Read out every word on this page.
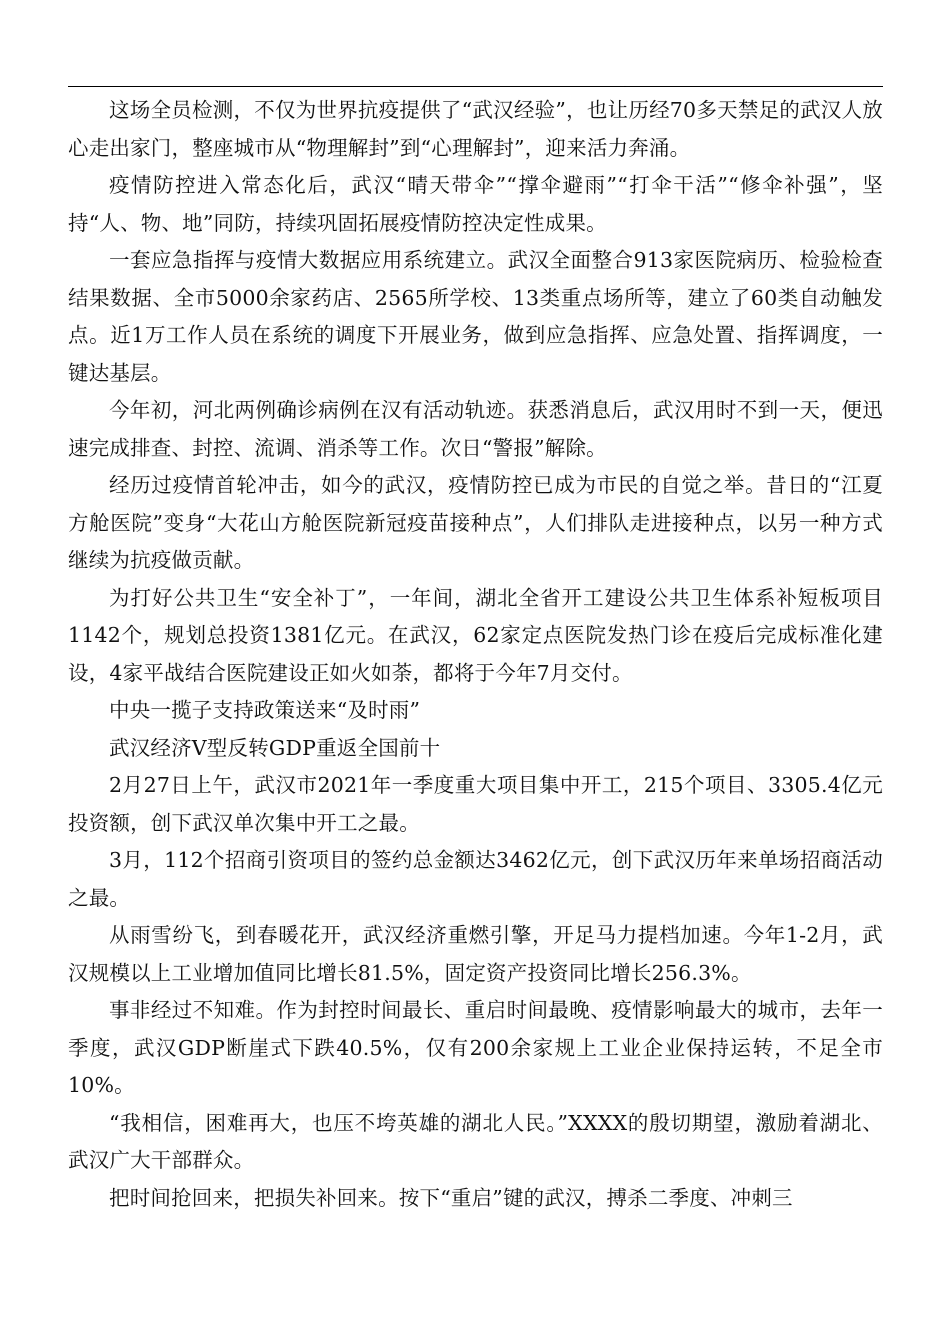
这场全员检测，不仅为世界抗疫提供了“武汉经验”，也让历经70多天禁足的武汉人放心走出家门，整座城市从“物理解封”到“心理解封”，迎来活力奔涌。

疫情防控进入常态化后，武汉“晴天带伞”“撑伞避雨”“打伞干活”“修伞补强”，坚持“人、物、地”同防，持续巩固拓展疫情防控决定性成果。

一套应急指挥与疫情大数据应用系统建立。武汉全面整合913家医院病历、检验检查结果数据、全市5000余家药店、2565所学校、13类重点场所等，建立了60类自动触发点。近1万工作人员在系统的调度下开展业务，做到应急指挥、应急处置、指挥调度，一键达基层。

今年初，河北两例确诊病例在汉有活动轨迹。获悉消息后，武汉用时不到一天，便迅速完成排查、封控、流调、消杀等工作。次日“警报”解除。

经历过疫情首轮冲击，如今的武汉，疫情防控已成为市民的自觉之举。昔日的“江夏方舱医院”变身“大花山方舱医院新冠疫苗接种点”，人们排队走进接种点，以另一种方式继续为抗疫做贡献。

为打好公共卫生“安全补丁”，一年间，湖北全省开工建设公共卫生体系补短板项目1142个，规划总投资1381亿元。在武汉，62家定点医院发热门诊在疫后完成标准化建设，4家平战结合医院建设正如火如荼，都将于今年7月交付。

中央一揽子支持政策送来“及时雨”

武汉经济V型反转GDP重返全国前十

2月27日上午，武汉市2021年一季度重大项目集中开工，215个项目、3305.4亿元投资额，创下武汉单次集中开工之最。

3月，112个招商引资项目的签约总金额达3462亿元，创下武汉历年来单场招商活动之最。

从雨雪纷飞，到春暖花开，武汉经济重燃引擎，开足马力提档加速。今年1-2月，武汉规模以上工业增加值同比增长81.5%，固定资产投资同比增长256.3%。

事非经过不知难。作为封控时间最长、重启时间最晚、疫情影响最大的城市，去年一季度，武汉GDP断崖式下跌40.5%，仅有200余家规上工业企业保持运转，不足全市10%。

“我相信，困难再大，也压不垮英雄的湖北人民。”XXXX的殷切期望，激励着湖北、武汉广大干部群众。

把时间抢回来，把损失补回来。按下“重启”键的武汉，搏杀二季度、冲刺三
